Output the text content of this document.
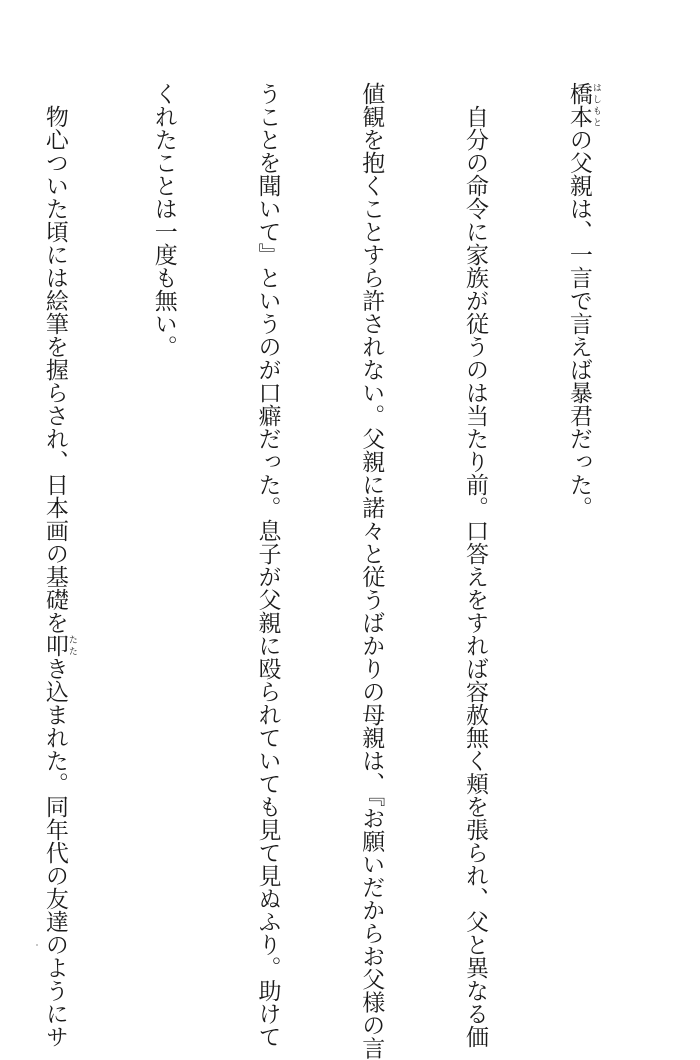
橋本 はしもとの父親は、一言で言えば暴君だった。

　自分の命令に家族が従うのは当たり前。口答えをすれば容赦無く頬を張られ、父と異なる価

値観を抱くことすら許されない。父親に諾々と従うばかりの母親は、『お願いだからお父様の言

うことを聞いて』というのが口癖だった。息子が父親に殴られていても見て見ぬふり。助けて

くれたことは一度も無い。

　物心ついた頃には絵筆を握らされ、日本画の基礎を叩 たたき込まれた。同年代の友達のようにサ
